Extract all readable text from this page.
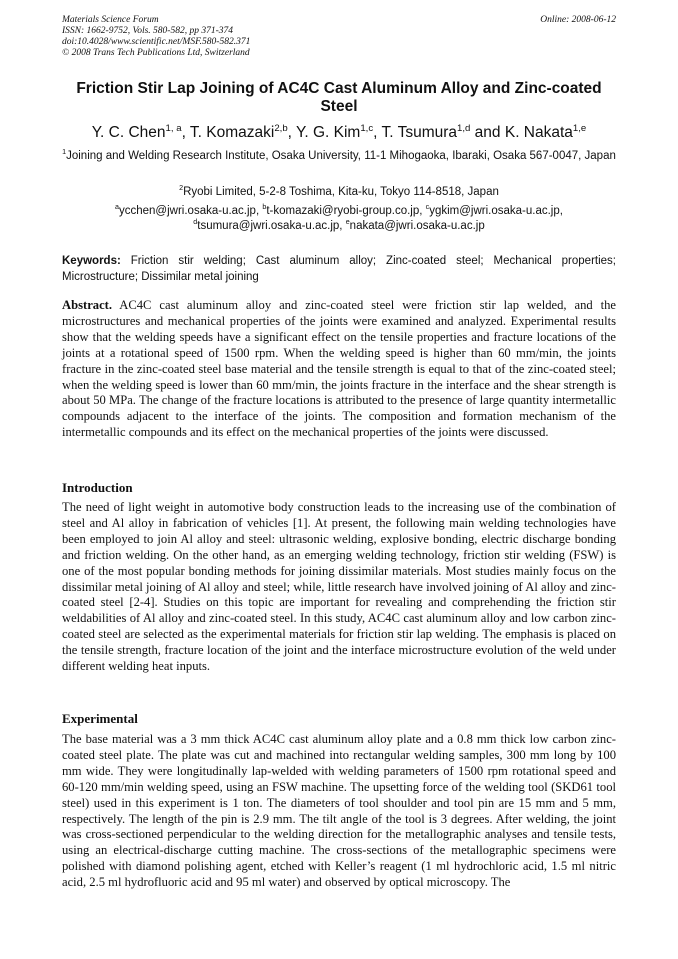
Materials Science Forum
ISSN: 1662-9752, Vols. 580-582, pp 371-374
doi:10.4028/www.scientific.net/MSF.580-582.371
© 2008 Trans Tech Publications Ltd, Switzerland
Online: 2008-06-12
Friction Stir Lap Joining of AC4C Cast Aluminum Alloy and Zinc-coated Steel
Y. C. Chen$^{1, a}$, T. Komazaki$^{2,b}$, Y. G. Kim$^{1,c}$, T. Tsumura$^{1,d}$ and K. Nakata$^{1,e}$
$^1$Joining and Welding Research Institute, Osaka University, 11-1 Mihogaoka, Ibaraki, Osaka 567-0047, Japan
$^2$Ryobi Limited, 5-2-8 Toshima, Kita-ku, Tokyo 114-8518, Japan
$^a$ycchen@jwri.osaka-u.ac.jp, $^b$t-komazaki@ryobi-group.co.jp, $^c$ygkim@jwri.osaka-u.ac.jp,
$^d$tsumura@jwri.osaka-u.ac.jp, $^e$nakata@jwri.osaka-u.ac.jp
Keywords: Friction stir welding; Cast aluminum alloy; Zinc-coated steel; Mechanical properties; Microstructure; Dissimilar metal joining
Abstract. AC4C cast aluminum alloy and zinc-coated steel were friction stir lap welded, and the microstructures and mechanical properties of the joints were examined and analyzed. Experimental results show that the welding speeds have a significant effect on the tensile properties and fracture locations of the joints at a rotational speed of 1500 rpm. When the welding speed is higher than 60 mm/min, the joints fracture in the zinc-coated steel base material and the tensile strength is equal to that of the zinc-coated steel; when the welding speed is lower than 60 mm/min, the joints fracture in the interface and the shear strength is about 50 MPa. The change of the fracture locations is attributed to the presence of large quantity intermetallic compounds adjacent to the interface of the joints. The composition and formation mechanism of the intermetallic compounds and its effect on the mechanical properties of the joints were discussed.
Introduction
The need of light weight in automotive body construction leads to the increasing use of the combination of steel and Al alloy in fabrication of vehicles [1]. At present, the following main welding technologies have been employed to join Al alloy and steel: ultrasonic welding, explosive bonding, electric discharge bonding and friction welding. On the other hand, as an emerging welding technology, friction stir welding (FSW) is one of the most popular bonding methods for joining dissimilar materials. Most studies mainly focus on the dissimilar metal joining of Al alloy and steel; while, little research have involved joining of Al alloy and zinc-coated steel [2-4]. Studies on this topic are important for revealing and comprehending the friction stir weldabilities of Al alloy and zinc-coated steel. In this study, AC4C cast aluminum alloy and low carbon zinc-coated steel are selected as the experimental materials for friction stir lap welding. The emphasis is placed on the tensile strength, fracture location of the joint and the interface microstructure evolution of the weld under different welding heat inputs.
Experimental
The base material was a 3 mm thick AC4C cast aluminum alloy plate and a 0.8 mm thick low carbon zinc-coated steel plate. The plate was cut and machined into rectangular welding samples, 300 mm long by 100 mm wide. They were longitudinally lap-welded with welding parameters of 1500 rpm rotational speed and 60-120 mm/min welding speed, using an FSW machine. The upsetting force of the welding tool (SKD61 tool steel) used in this experiment is 1 ton. The diameters of tool shoulder and tool pin are 15 mm and 5 mm, respectively. The length of the pin is 2.9 mm. The tilt angle of the tool is 3 degrees. After welding, the joint was cross-sectioned perpendicular to the welding direction for the metallographic analyses and tensile tests, using an electrical-discharge cutting machine. The cross-sections of the metallographic specimens were polished with diamond polishing agent, etched with Keller’s reagent (1 ml hydrochloric acid, 1.5 ml nitric acid, 2.5 ml hydrofluoric acid and 95 ml water) and observed by optical microscopy. The
